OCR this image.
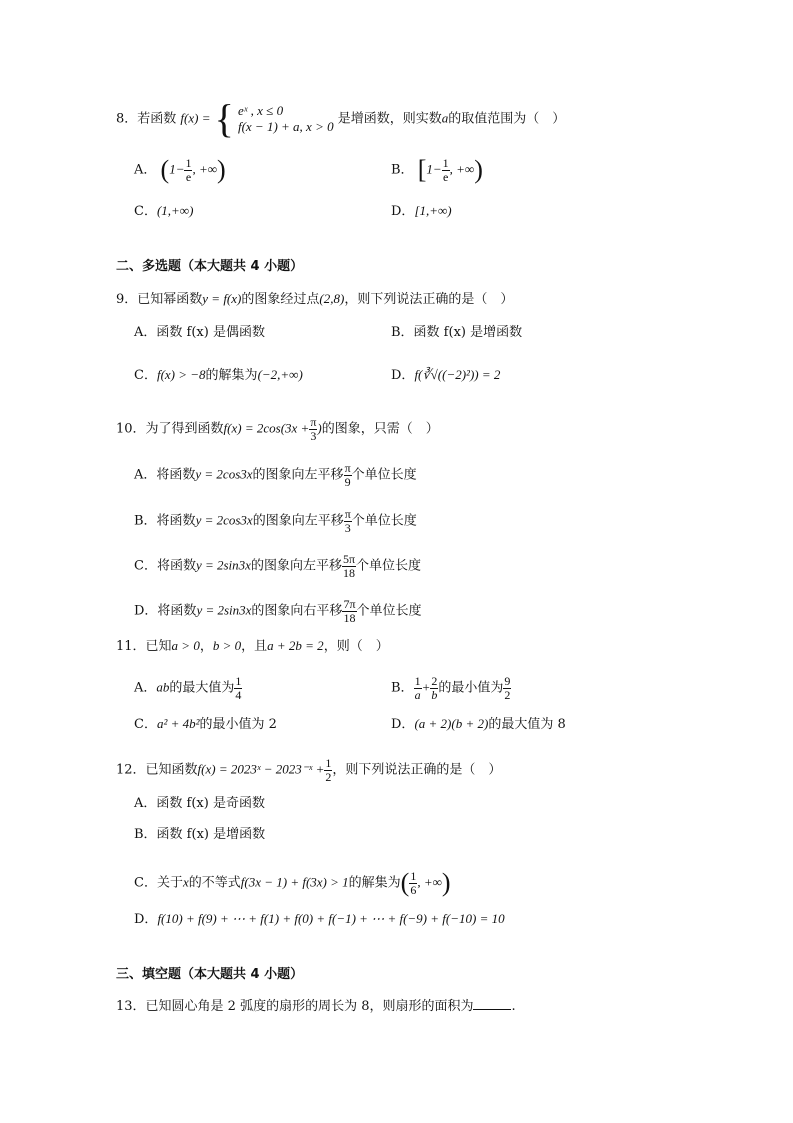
8．若函数 f(x) = { eˣ , x ≤ 0
f(x − 1) + a, x > 0 是增函数，则实数a的取值范围为（　）
A． ($1- \frac{1}{e}$ , +∞)	B． [$1- \frac{1}{e}$ , +∞)
C．(1,+∞)	D．[1,+∞)
二、多选题（本大题共 4 小题）
9．已知幂函数y = f(x)的图象经过点(2,8)，则下列说法正确的是（　）
A．函数 f(x) 是偶函数	B．函数 f(x) 是增函数
C．f(x) > −8的解集为(−2,+∞)	D．f(∛√((−2)²)) = 2
10．为了得到函数$f(x) = 2\cos(3x + \frac{\pi}{3}$ )的图象，只需（　）
A．将函数y = 2cos3x的图象向左平移 $\frac{\pi}{9}$ 个单位长度
B．将函数y = 2cos3x的图象向左平移 $\frac{\pi}{3}$ 个单位长度
C．将函数y = 2sin3x的图象向左平移 $\frac{5\pi}{18}$ 个单位长度
D．将函数y = 2sin3x的图象向右平移 $\frac{7\pi}{18}$ 个单位长度
11．已知a > 0，b > 0，且a + 2b = 2，则（　）
A．ab的最大值为 $\frac{1}{4}$	B． $\frac{1}{a} + \frac{2}{b}$ 的最小值为 $\frac{9}{2}$
C．a² + 4b²的最小值为 2	D．(a + 2)(b + 2)的最大值为 8
12．已知函数f(x) = 2023ˣ − 2023⁻ˣ + $\frac{1}{2}$ ，则下列说法正确的是（　）
A．函数 f(x) 是奇函数
B．函数 f(x) 是增函数
C．关于x的不等式f(3x − 1) + f(3x) > 1的解集为( $\frac{1}{6}$ , +∞)
D．f(10) + f(9) + ⋯ + f(1) + f(0) + f(−1) + ⋯ + f(−9) + f(−10) = 10
三、填空题（本大题共 4 小题）
13．已知圆心角是 2 弧度的扇形的周长为 8，则扇形的面积为	.
